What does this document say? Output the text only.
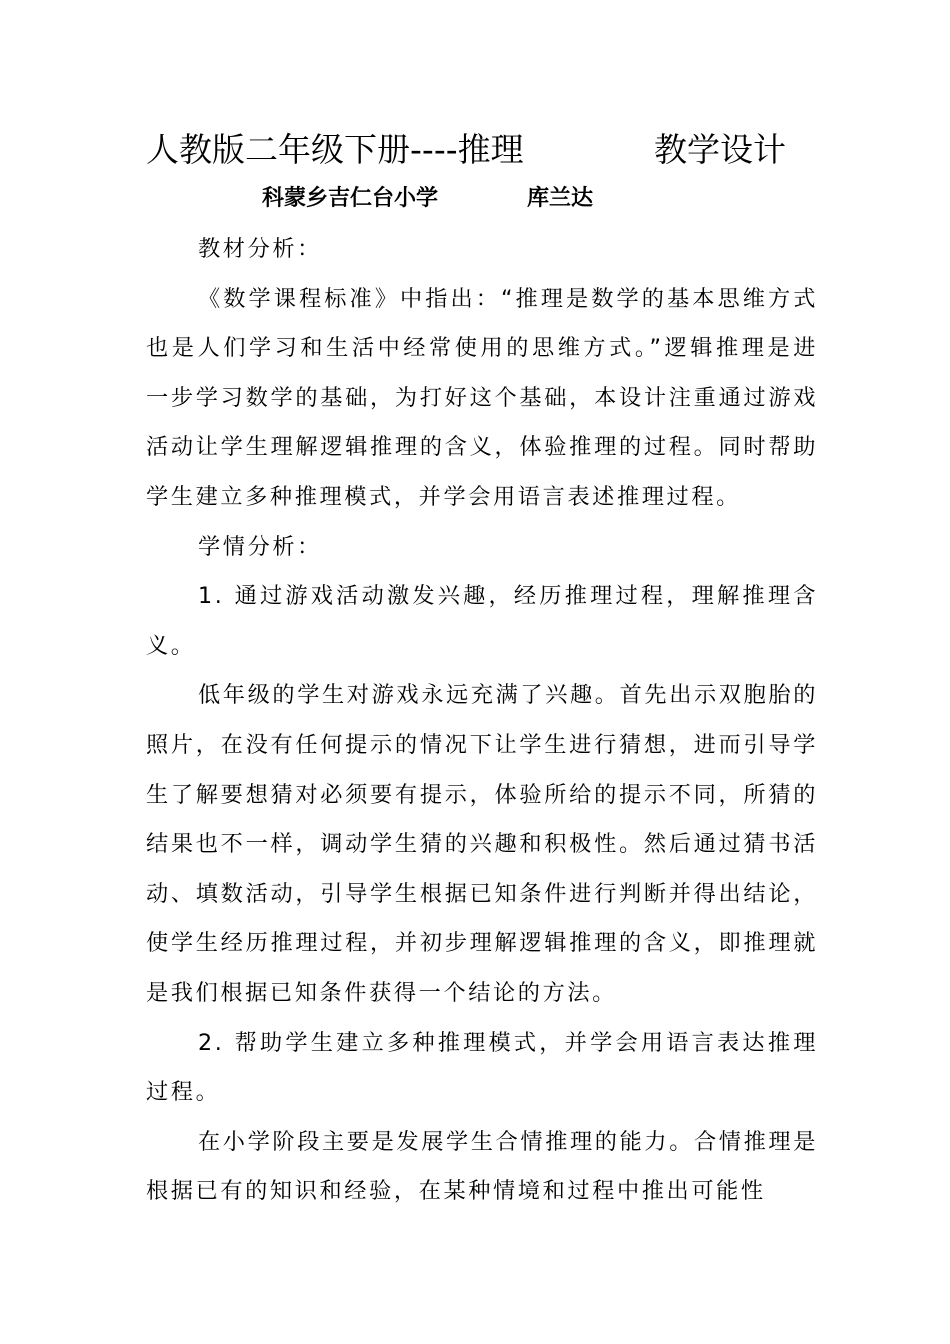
人教版二年级下册----推理	教学设计
科蒙乡吉仁台小学	库兰达

教材分析：

《数学课程标准》中指出：“推理是数学的基本思维方式也是人们学习和生活中经常使用的思维方式。”逻辑推理是进一步学习数学的基础，为打好这个基础，本设计注重通过游戏活动让学生理解逻辑推理的含义，体验推理的过程。同时帮助学生建立多种推理模式，并学会用语言表述推理过程。

学情分析：

1. 通过游戏活动激发兴趣，经历推理过程，理解推理含义。

低年级的学生对游戏永远充满了兴趣。首先出示双胞胎的照片，在没有任何提示的情况下让学生进行猜想，进而引导学生了解要想猜对必须要有提示，体验所给的提示不同，所猜的结果也不一样，调动学生猜的兴趣和积极性。然后通过猜书活动、填数活动，引导学生根据已知条件进行判断并得出结论，使学生经历推理过程，并初步理解逻辑推理的含义，即推理就是我们根据已知条件获得一个结论的方法。

2. 帮助学生建立多种推理模式，并学会用语言表达推理过程。

在小学阶段主要是发展学生合情推理的能力。合情推理是根据已有的知识和经验，在某种情境和过程中推出可能性
